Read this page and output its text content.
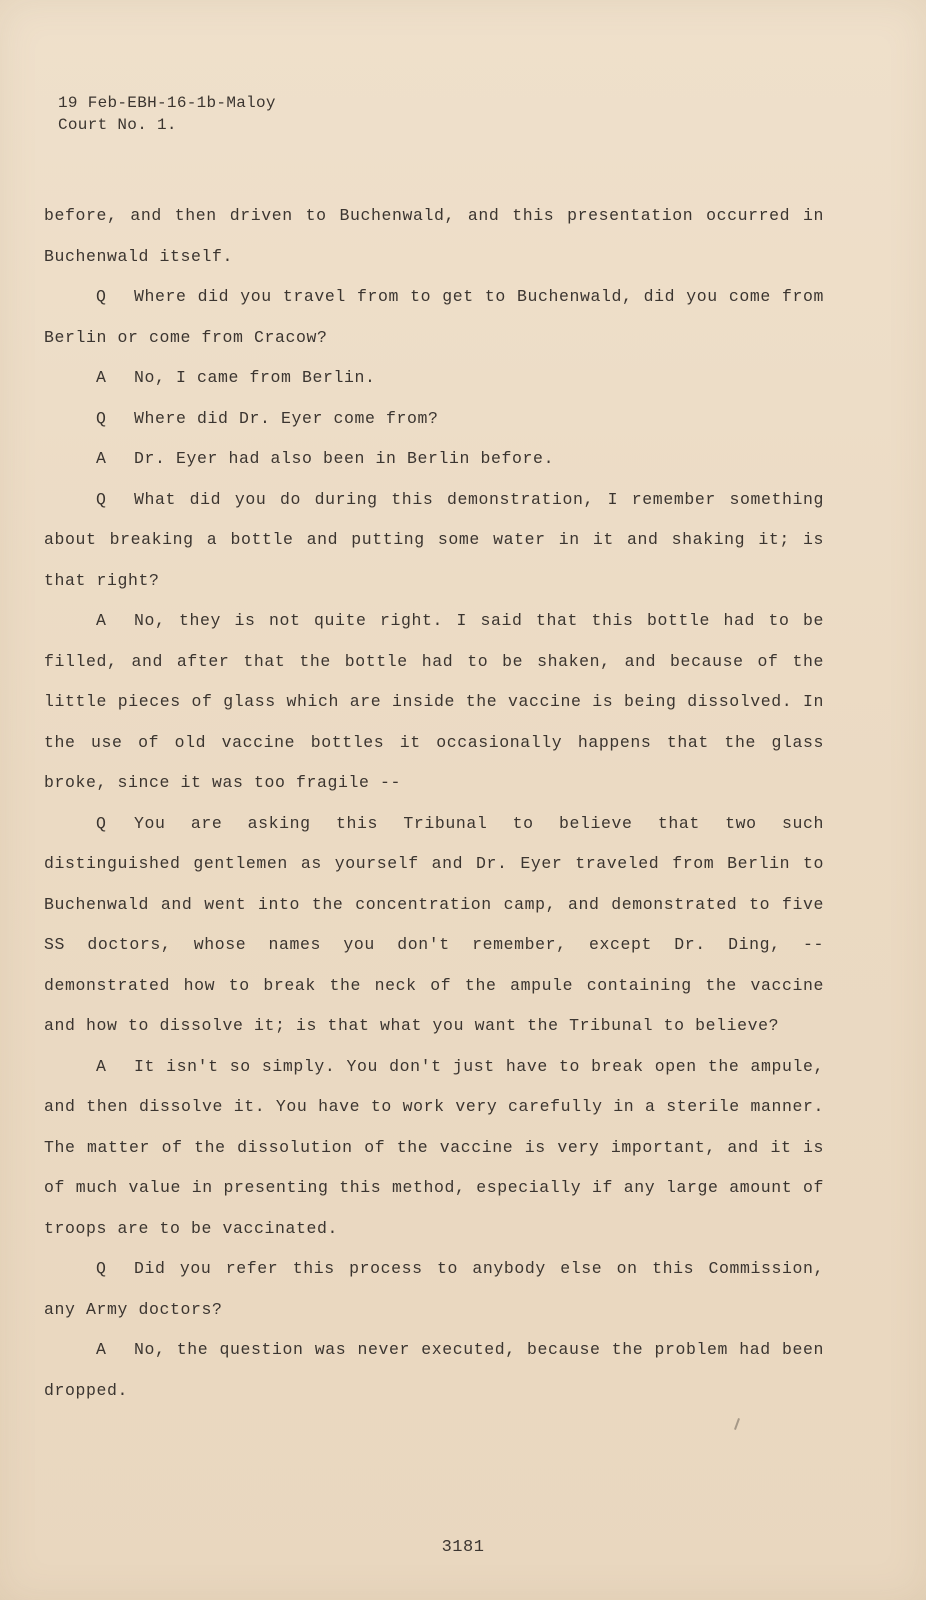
19 Feb-EBH-16-1b-Maloy
Court No. 1.

before, and then driven to Buchenwald, and this presentation occurred in Buchenwald itself.

Q Where did you travel from to get to Buchenwald, did you come from Berlin or come from Cracow?

A No, I came from Berlin.

Q Where did Dr. Eyer come from?

A Dr. Eyer had also been in Berlin before.

Q What did you do during this demonstration, I remember something about breaking a bottle and putting some water in it and shaking it; is that right?

A No, they is not quite right. I said that this bottle had to be filled, and after that the bottle had to be shaken, and because of the little pieces of glass which are inside the vaccine is being dissolved. In the use of old vaccine bottles it occasionally happens that the glass broke, since it was too fragile --

Q You are asking this Tribunal to believe that two such distinguished gentlemen as yourself and Dr. Eyer traveled from Berlin to Buchenwald and went into the concentration camp, and demonstrated to five SS doctors, whose names you don't remember, except Dr. Ding, -- demonstrated how to break the neck of the ampule containing the vaccine and how to dissolve it; is that what you want the Tribunal to believe?

A It isn't so simply. You don't just have to break open the ampule, and then dissolve it. You have to work very carefully in a sterile manner. The matter of the dissolution of the vaccine is very important, and it is of much value in presenting this method, especially if any large amount of troops are to be vaccinated.

Q Did you refer this process to anybody else on this Commission, any Army doctors?

A No, the question was never executed, because the problem had been dropped.

3181
